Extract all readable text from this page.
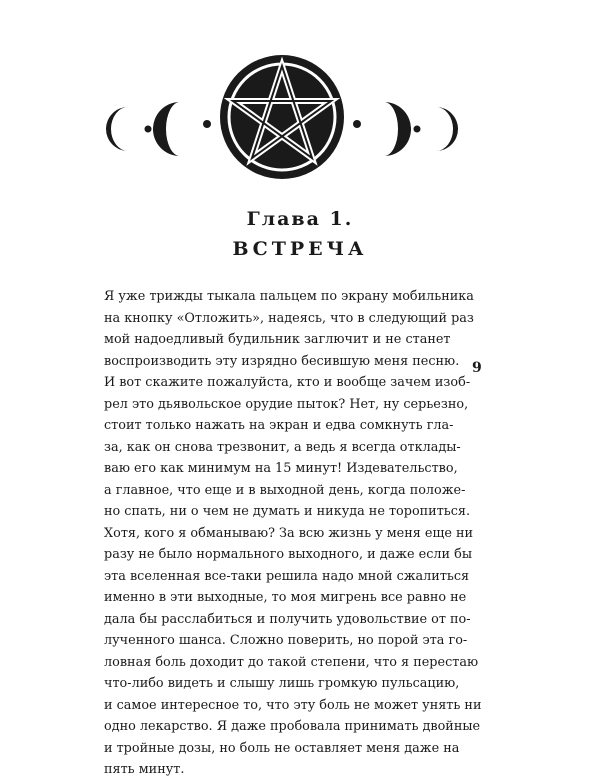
Глава 1.
ВСТРЕЧА
Я уже трижды тыкала пальцем по экрану мобильника
на кнопку «Отложить», надеясь, что в следующий раз
мой надоедливый будильник заглючит и не станет
воспроизводить эту изрядно бесившую меня песню.
И вот скажите пожалуйста, кто и вообще зачем изоб-
рел это дьявольское орудие пыток? Нет, ну серьезно,
стоит только нажать на экран и едва сомкнуть гла-
за, как он снова трезвонит, а ведь я всегда отклады-
ваю его как минимум на 15 минут! Издевательство,
а главное, что еще и в выходной день, когда положе-
но спать, ни о чем не думать и никуда не торопиться.
Хотя, кого я обманываю? За всю жизнь у меня еще ни
разу не было нормального выходного, и даже если бы
эта вселенная все-таки решила надо мной сжалиться
именно в эти выходные, то моя мигрень все равно не
дала бы расслабиться и получить удовольствие от по-
лученного шанса. Сложно поверить, но порой эта го-
ловная боль доходит до такой степени, что я перестаю
что-либо видеть и слышу лишь громкую пульсацию,
и самое интересное то, что эту боль не может унять ни
одно лекарство. Я даже пробовала принимать двойные
и тройные дозы, но боль не оставляет меня даже на
пять минут.
9
